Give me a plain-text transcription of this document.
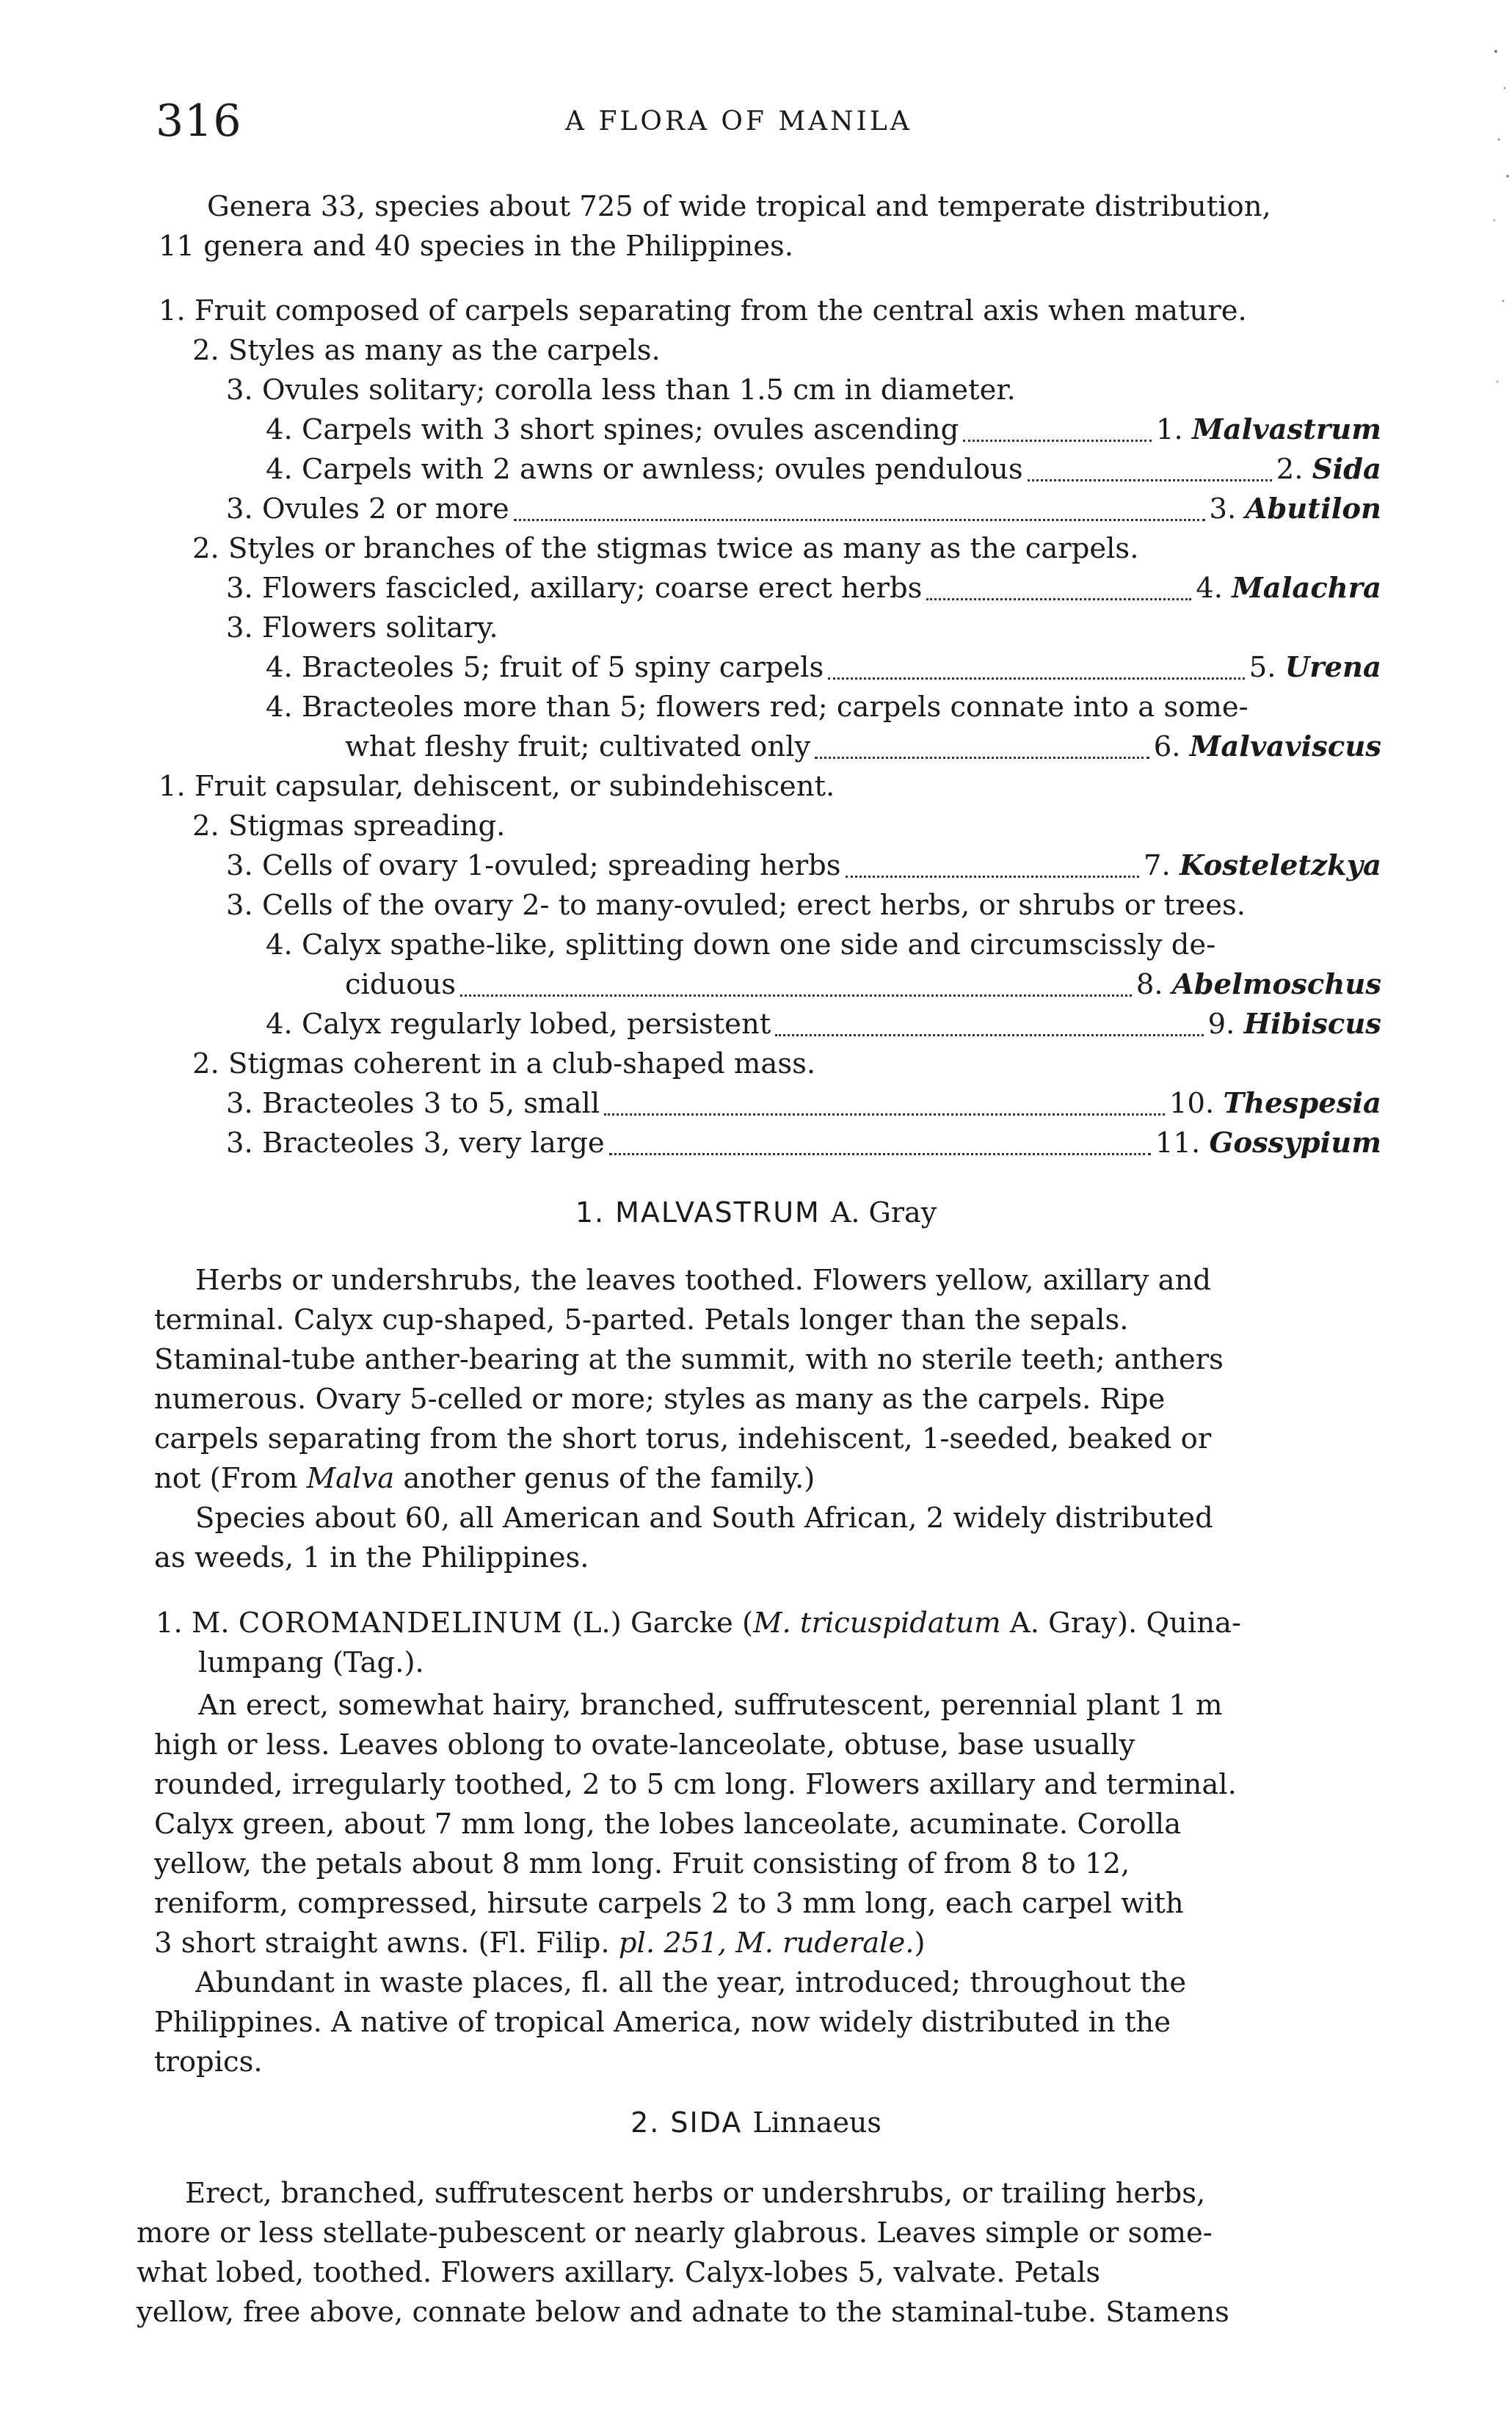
316	A FLORA OF MANILA
Genera 33, species about 725 of wide tropical and temperate distribution,
11 genera and 40 species in the Philippines.
1. Fruit composed of carpels separating from the central axis when mature.
2. Styles as many as the carpels.
3. Ovules solitary; corolla less than 1.5 cm in diameter.
4. Carpels with 3 short spines; ovules ascending	1. Malvastrum
4. Carpels with 2 awns or awnless; ovules pendulous	2. Sida
3. Ovules 2 or more	3. Abutilon
2. Styles or branches of the stigmas twice as many as the carpels.
3. Flowers fascicled, axillary; coarse erect herbs	4. Malachra
3. Flowers solitary.
4. Bracteoles 5; fruit of 5 spiny carpels	5. Urena
4. Bracteoles more than 5; flowers red; carpels connate into a some-
what fleshy fruit; cultivated only	6. Malvaviscus
1. Fruit capsular, dehiscent, or subindehiscent.
2. Stigmas spreading.
3. Cells of ovary 1-ovuled; spreading herbs	7. Kosteletzkya
3. Cells of the ovary 2- to many-ovuled; erect herbs, or shrubs or trees.
4. Calyx spathe-like, splitting down one side and circumscissly de-
ciduous	8. Abelmoschus
4. Calyx regularly lobed, persistent	9. Hibiscus
2. Stigmas coherent in a club-shaped mass.
3. Bracteoles 3 to 5, small	10. Thespesia
3. Bracteoles 3, very large	11. Gossypium
1. MALVASTRUM A. Gray
Herbs or undershrubs, the leaves toothed. Flowers yellow, axillary and
terminal. Calyx cup-shaped, 5-parted. Petals longer than the sepals.
Staminal-tube anther-bearing at the summit, with no sterile teeth; anthers
numerous. Ovary 5-celled or more; styles as many as the carpels. Ripe
carpels separating from the short torus, indehiscent, 1-seeded, beaked or
not (From Malva another genus of the family.)
Species about 60, all American and South African, 2 widely distributed
as weeds, 1 in the Philippines.
1. M. COROMANDELINUM (L.) Garcke (M. tricuspidatum A. Gray). Quina-
lumpang (Tag.).
An erect, somewhat hairy, branched, suffrutescent, perennial plant 1 m
high or less. Leaves oblong to ovate-lanceolate, obtuse, base usually
rounded, irregularly toothed, 2 to 5 cm long. Flowers axillary and terminal.
Calyx green, about 7 mm long, the lobes lanceolate, acuminate. Corolla
yellow, the petals about 8 mm long. Fruit consisting of from 8 to 12,
reniform, compressed, hirsute carpels 2 to 3 mm long, each carpel with
3 short straight awns. (Fl. Filip. pl. 251, M. ruderale.)
Abundant in waste places, fl. all the year, introduced; throughout the
Philippines. A native of tropical America, now widely distributed in the
tropics.
2. SIDA Linnaeus
Erect, branched, suffrutescent herbs or undershrubs, or trailing herbs,
more or less stellate-pubescent or nearly glabrous. Leaves simple or some-
what lobed, toothed. Flowers axillary. Calyx-lobes 5, valvate. Petals
yellow, free above, connate below and adnate to the staminal-tube. Stamens
